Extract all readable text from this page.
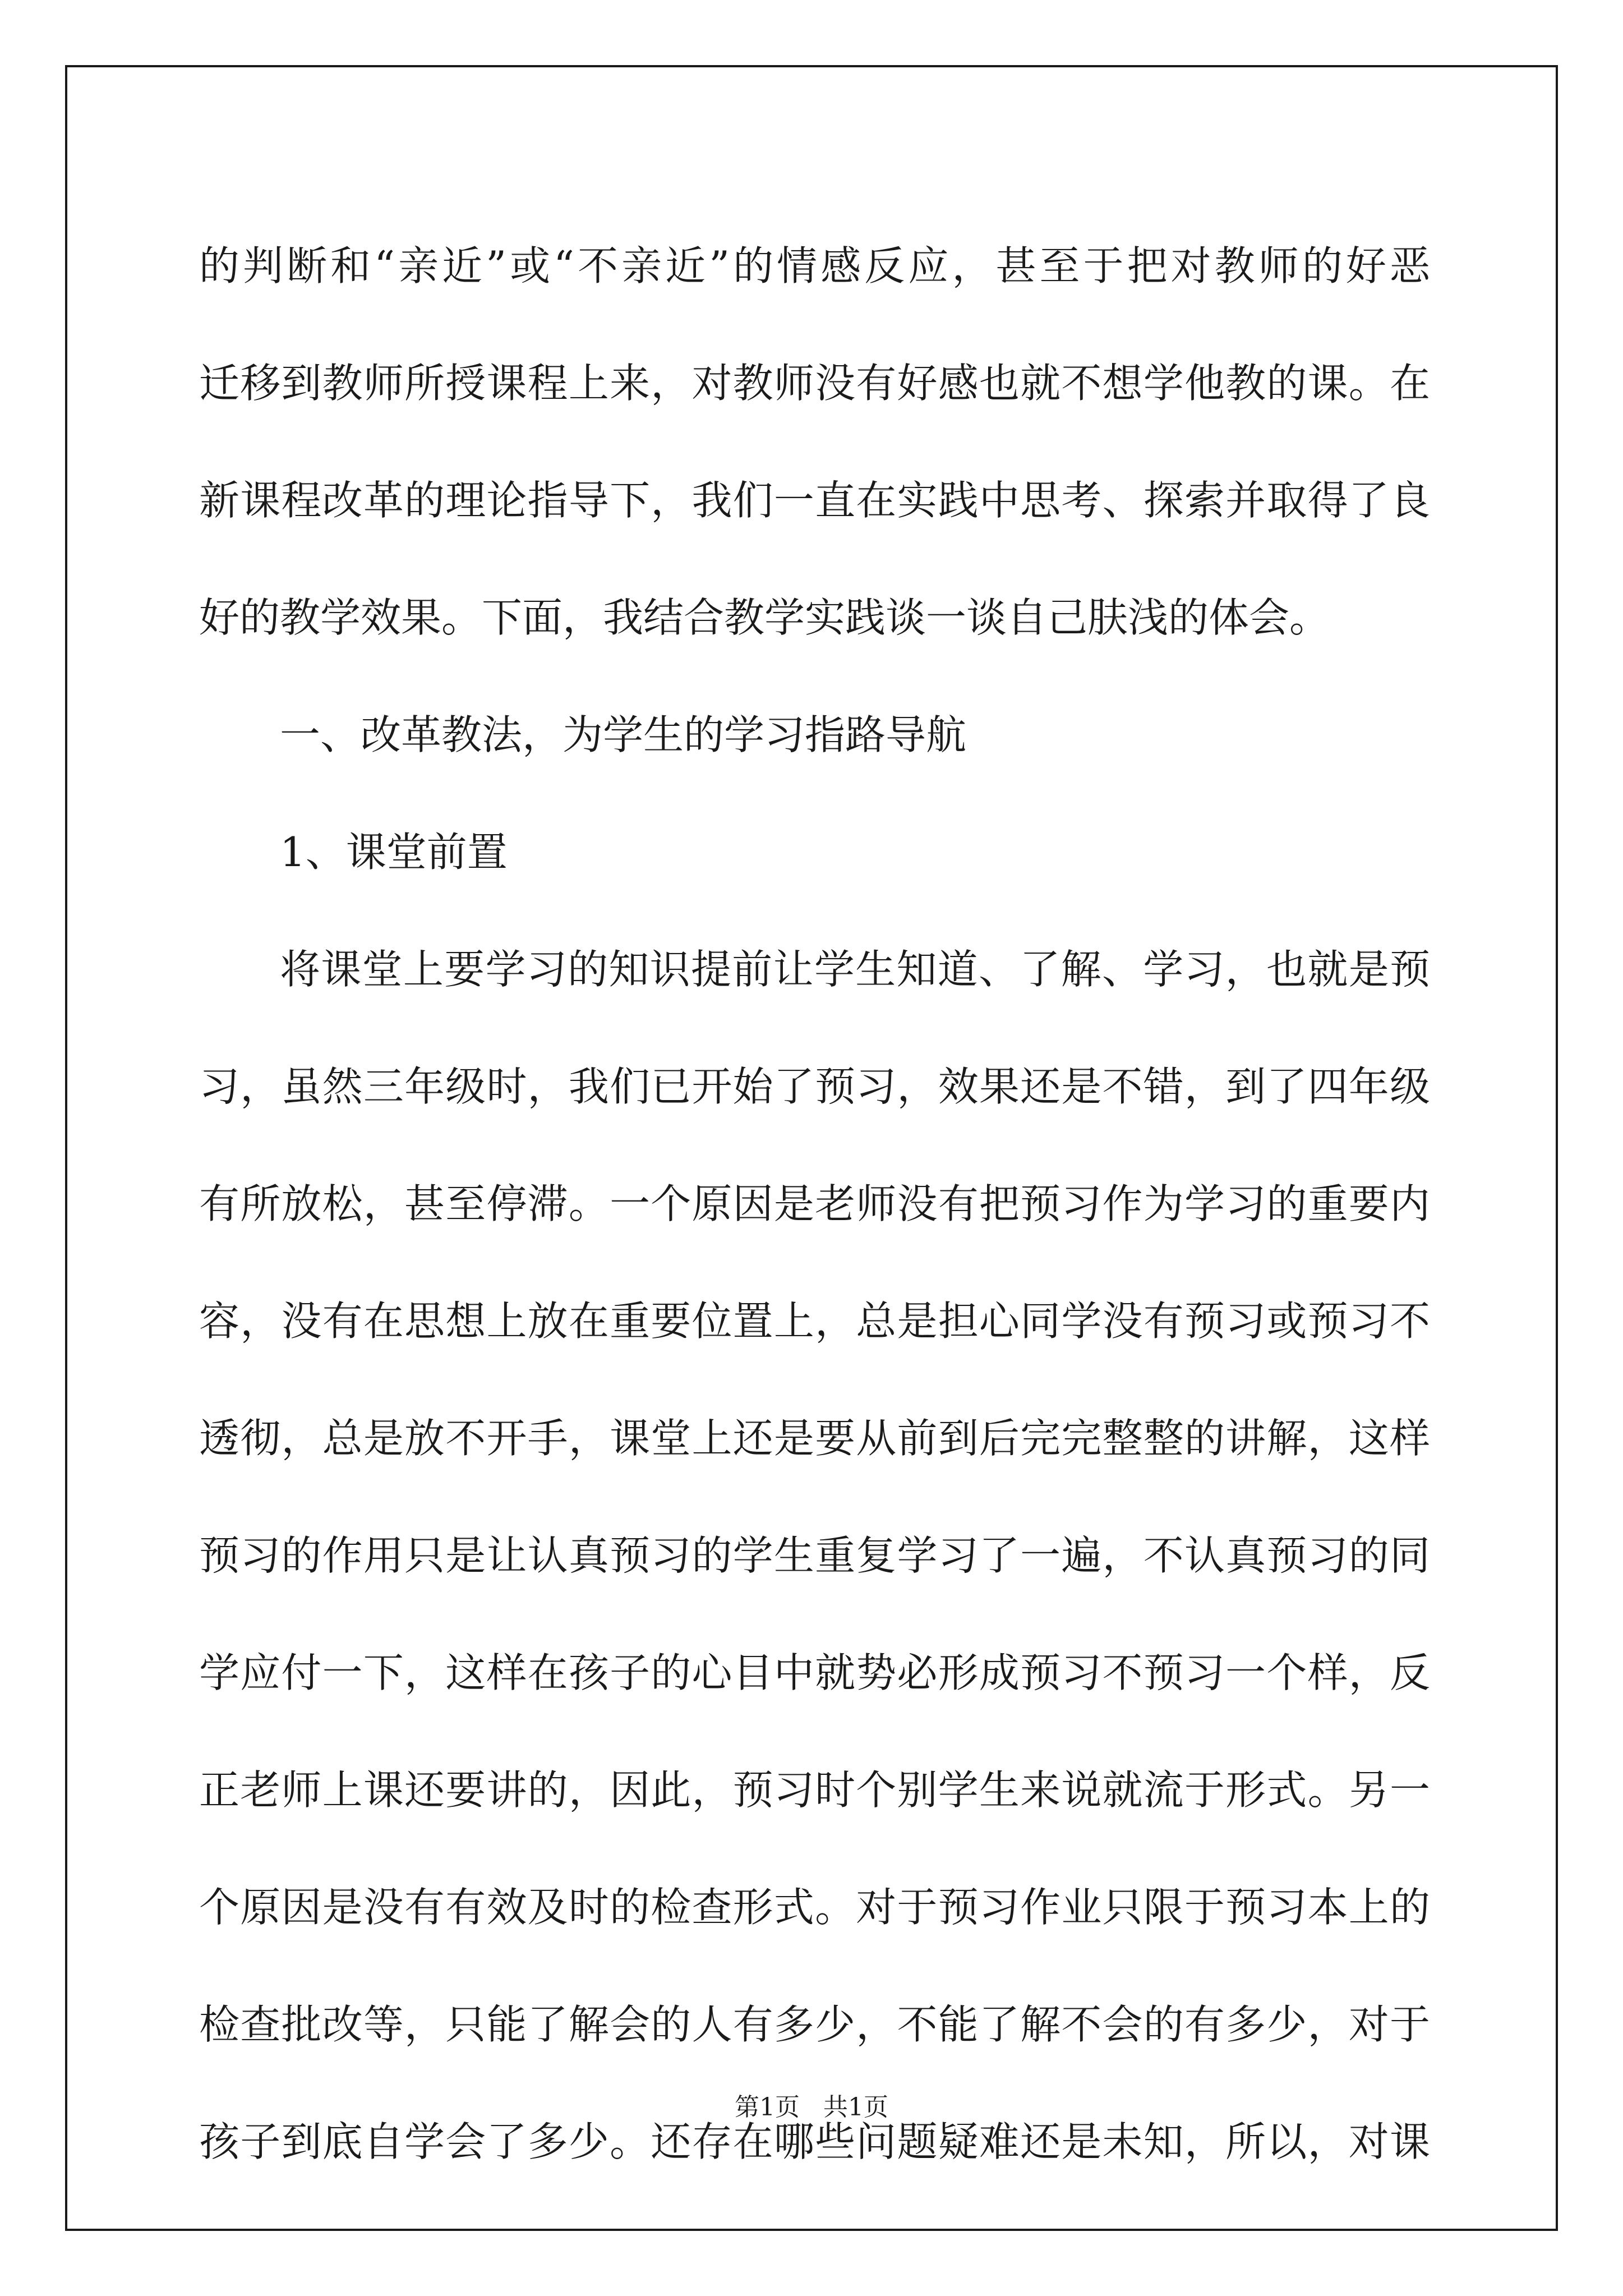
的判断和“亲近”或“不亲近”的情感反应，甚至于把对教师的好恶
迁移到教师所授课程上来，对教师没有好感也就不想学他教的课。在
新课程改革的理论指导下，我们一直在实践中思考、探索并取得了良
好的教学效果。下面，我结合教学实践谈一谈自己肤浅的体会。
一、改革教法，为学生的学习指路导航
1、课堂前置
将课堂上要学习的知识提前让学生知道、了解、学习，也就是预
习，虽然三年级时，我们已开始了预习，效果还是不错，到了四年级
有所放松，甚至停滞。一个原因是老师没有把预习作为学习的重要内
容，没有在思想上放在重要位置上，总是担心同学没有预习或预习不
透彻，总是放不开手，课堂上还是要从前到后完完整整的讲解，这样
预习的作用只是让认真预习的学生重复学习了一遍，不认真预习的同
学应付一下，这样在孩子的心目中就势必形成预习不预习一个样，反
正老师上课还要讲的，因此，预习时个别学生来说就流于形式。另一
个原因是没有有效及时的检查形式。对于预习作业只限于预习本上的
检查批改等，只能了解会的人有多少，不能了解不会的有多少，对于
孩子到底自学会了多少。还存在哪些问题疑难还是未知，所以，对课
第1页 共1页
